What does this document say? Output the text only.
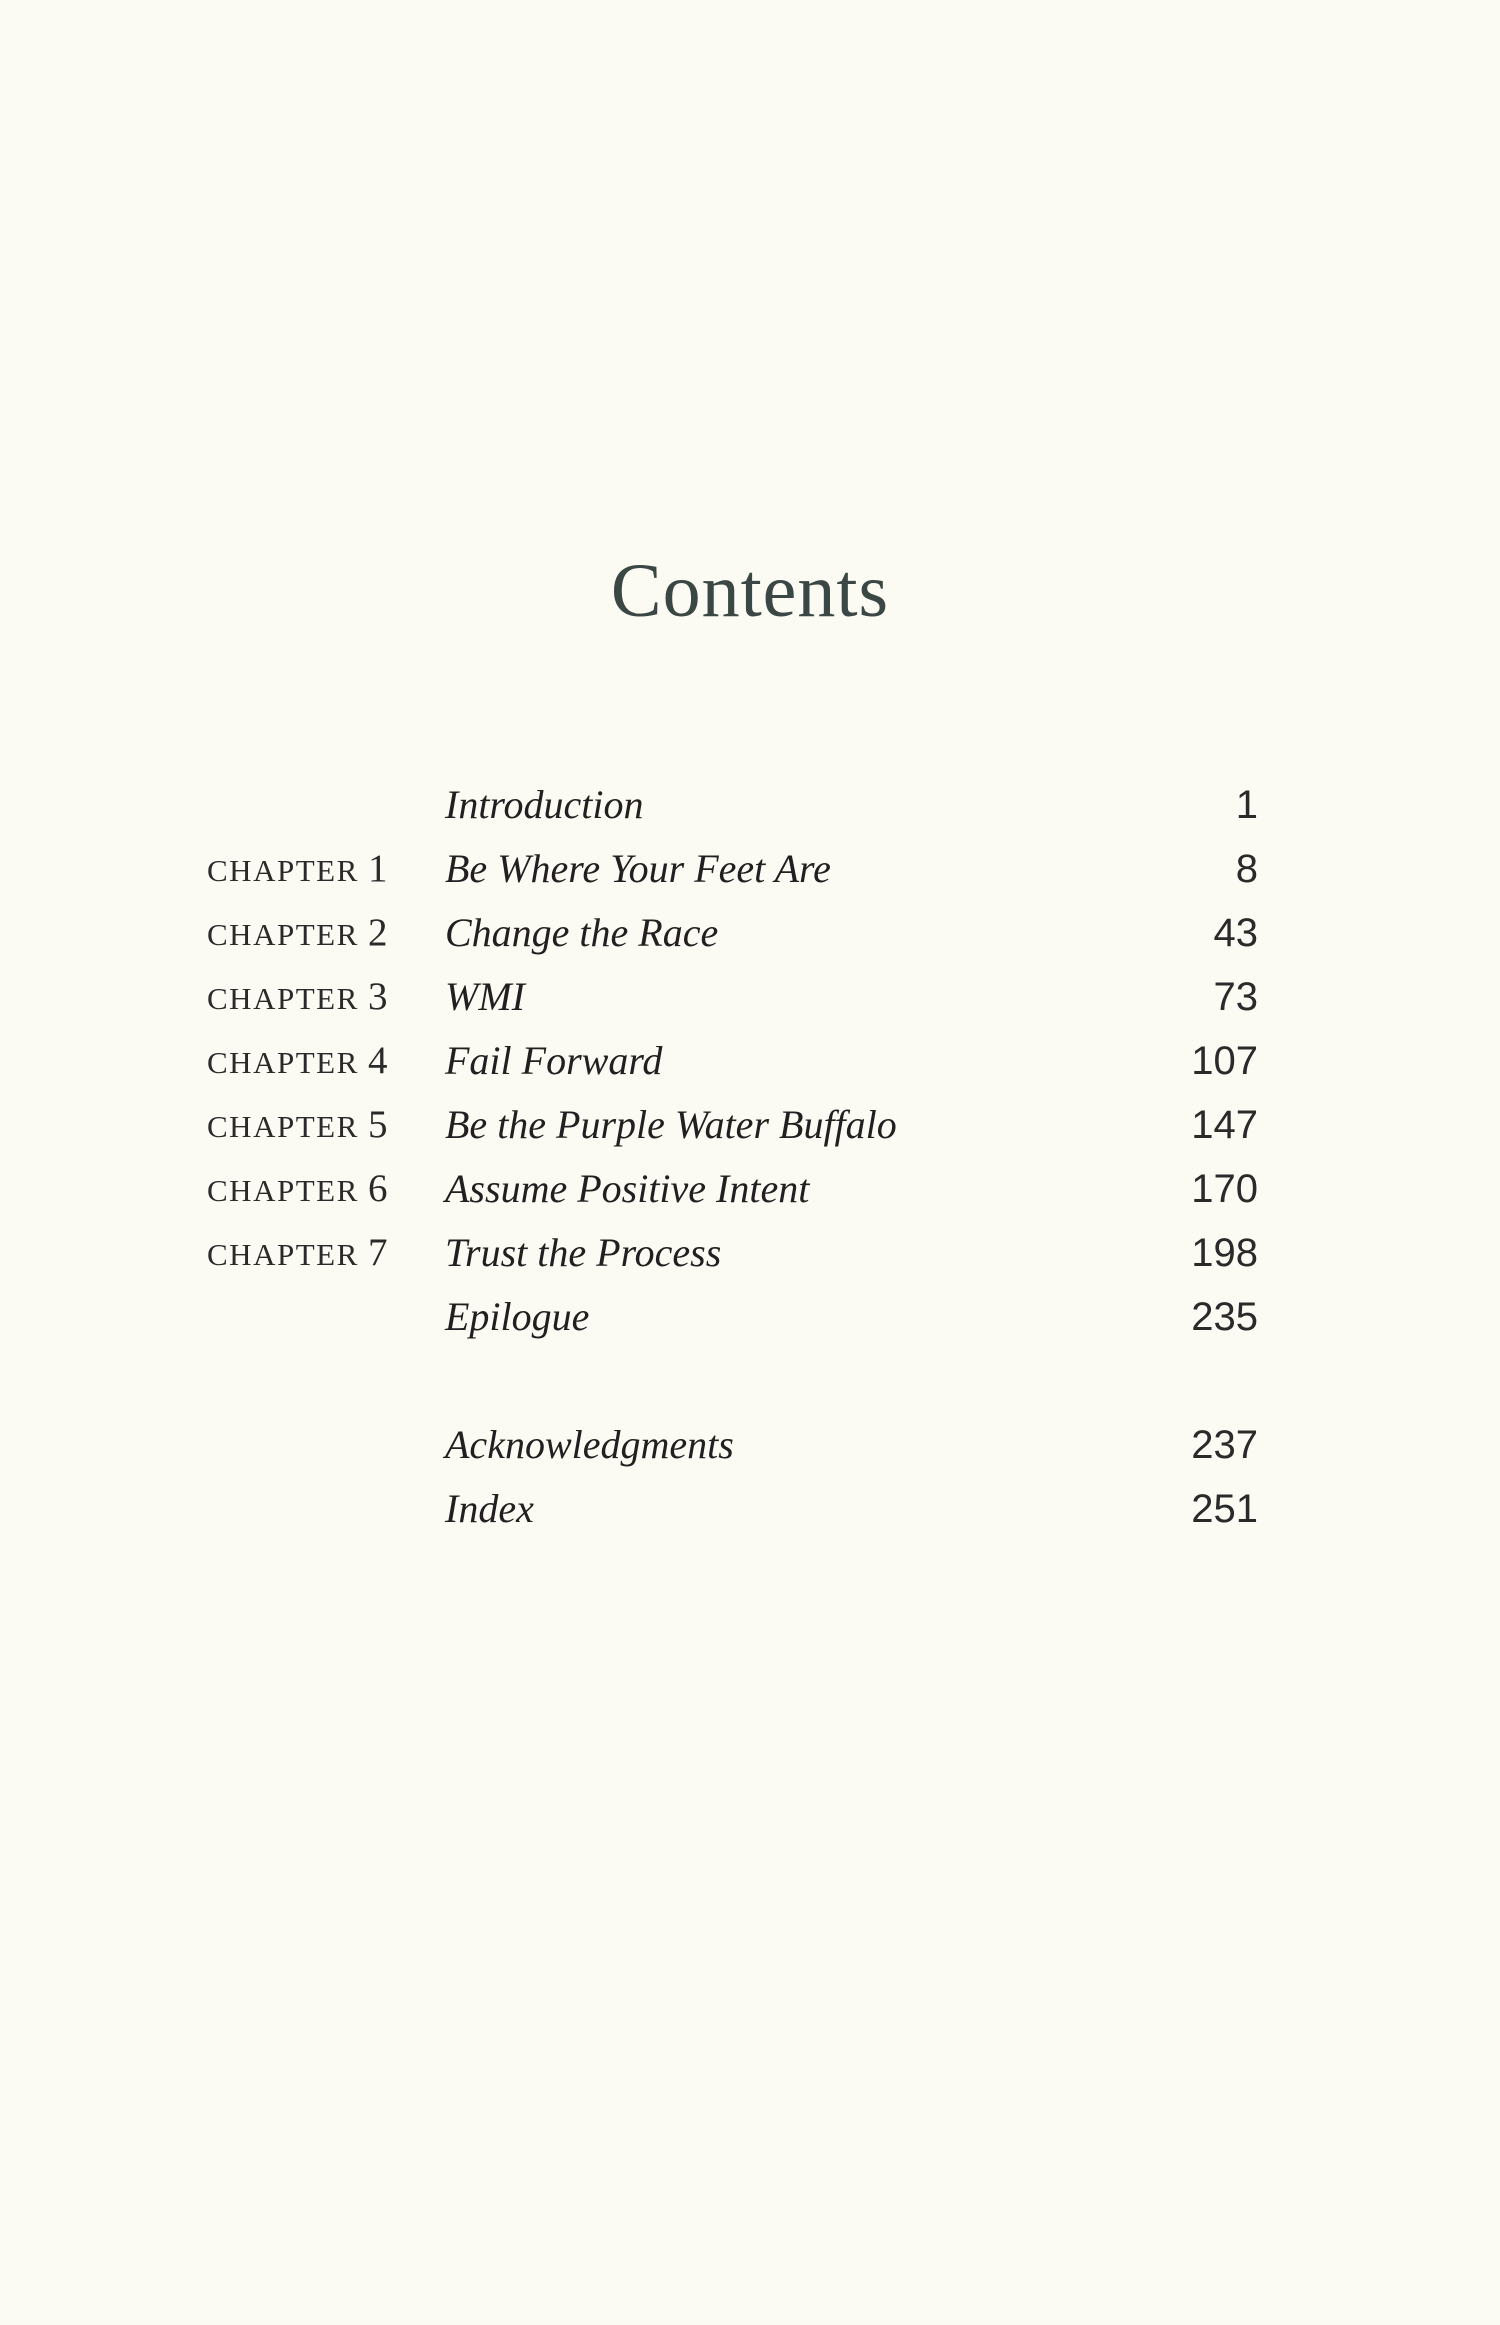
Contents
Introduction	1
CHAPTER 1 Be Where Your Feet Are	8
CHAPTER 2 Change the Race	43
CHAPTER 3 WMI	73
CHAPTER 4 Fail Forward	107
CHAPTER 5 Be the Purple Water Buffalo	147
CHAPTER 6 Assume Positive Intent	170
CHAPTER 7 Trust the Process	198
Epilogue	235
Acknowledgments	237
Index	251
